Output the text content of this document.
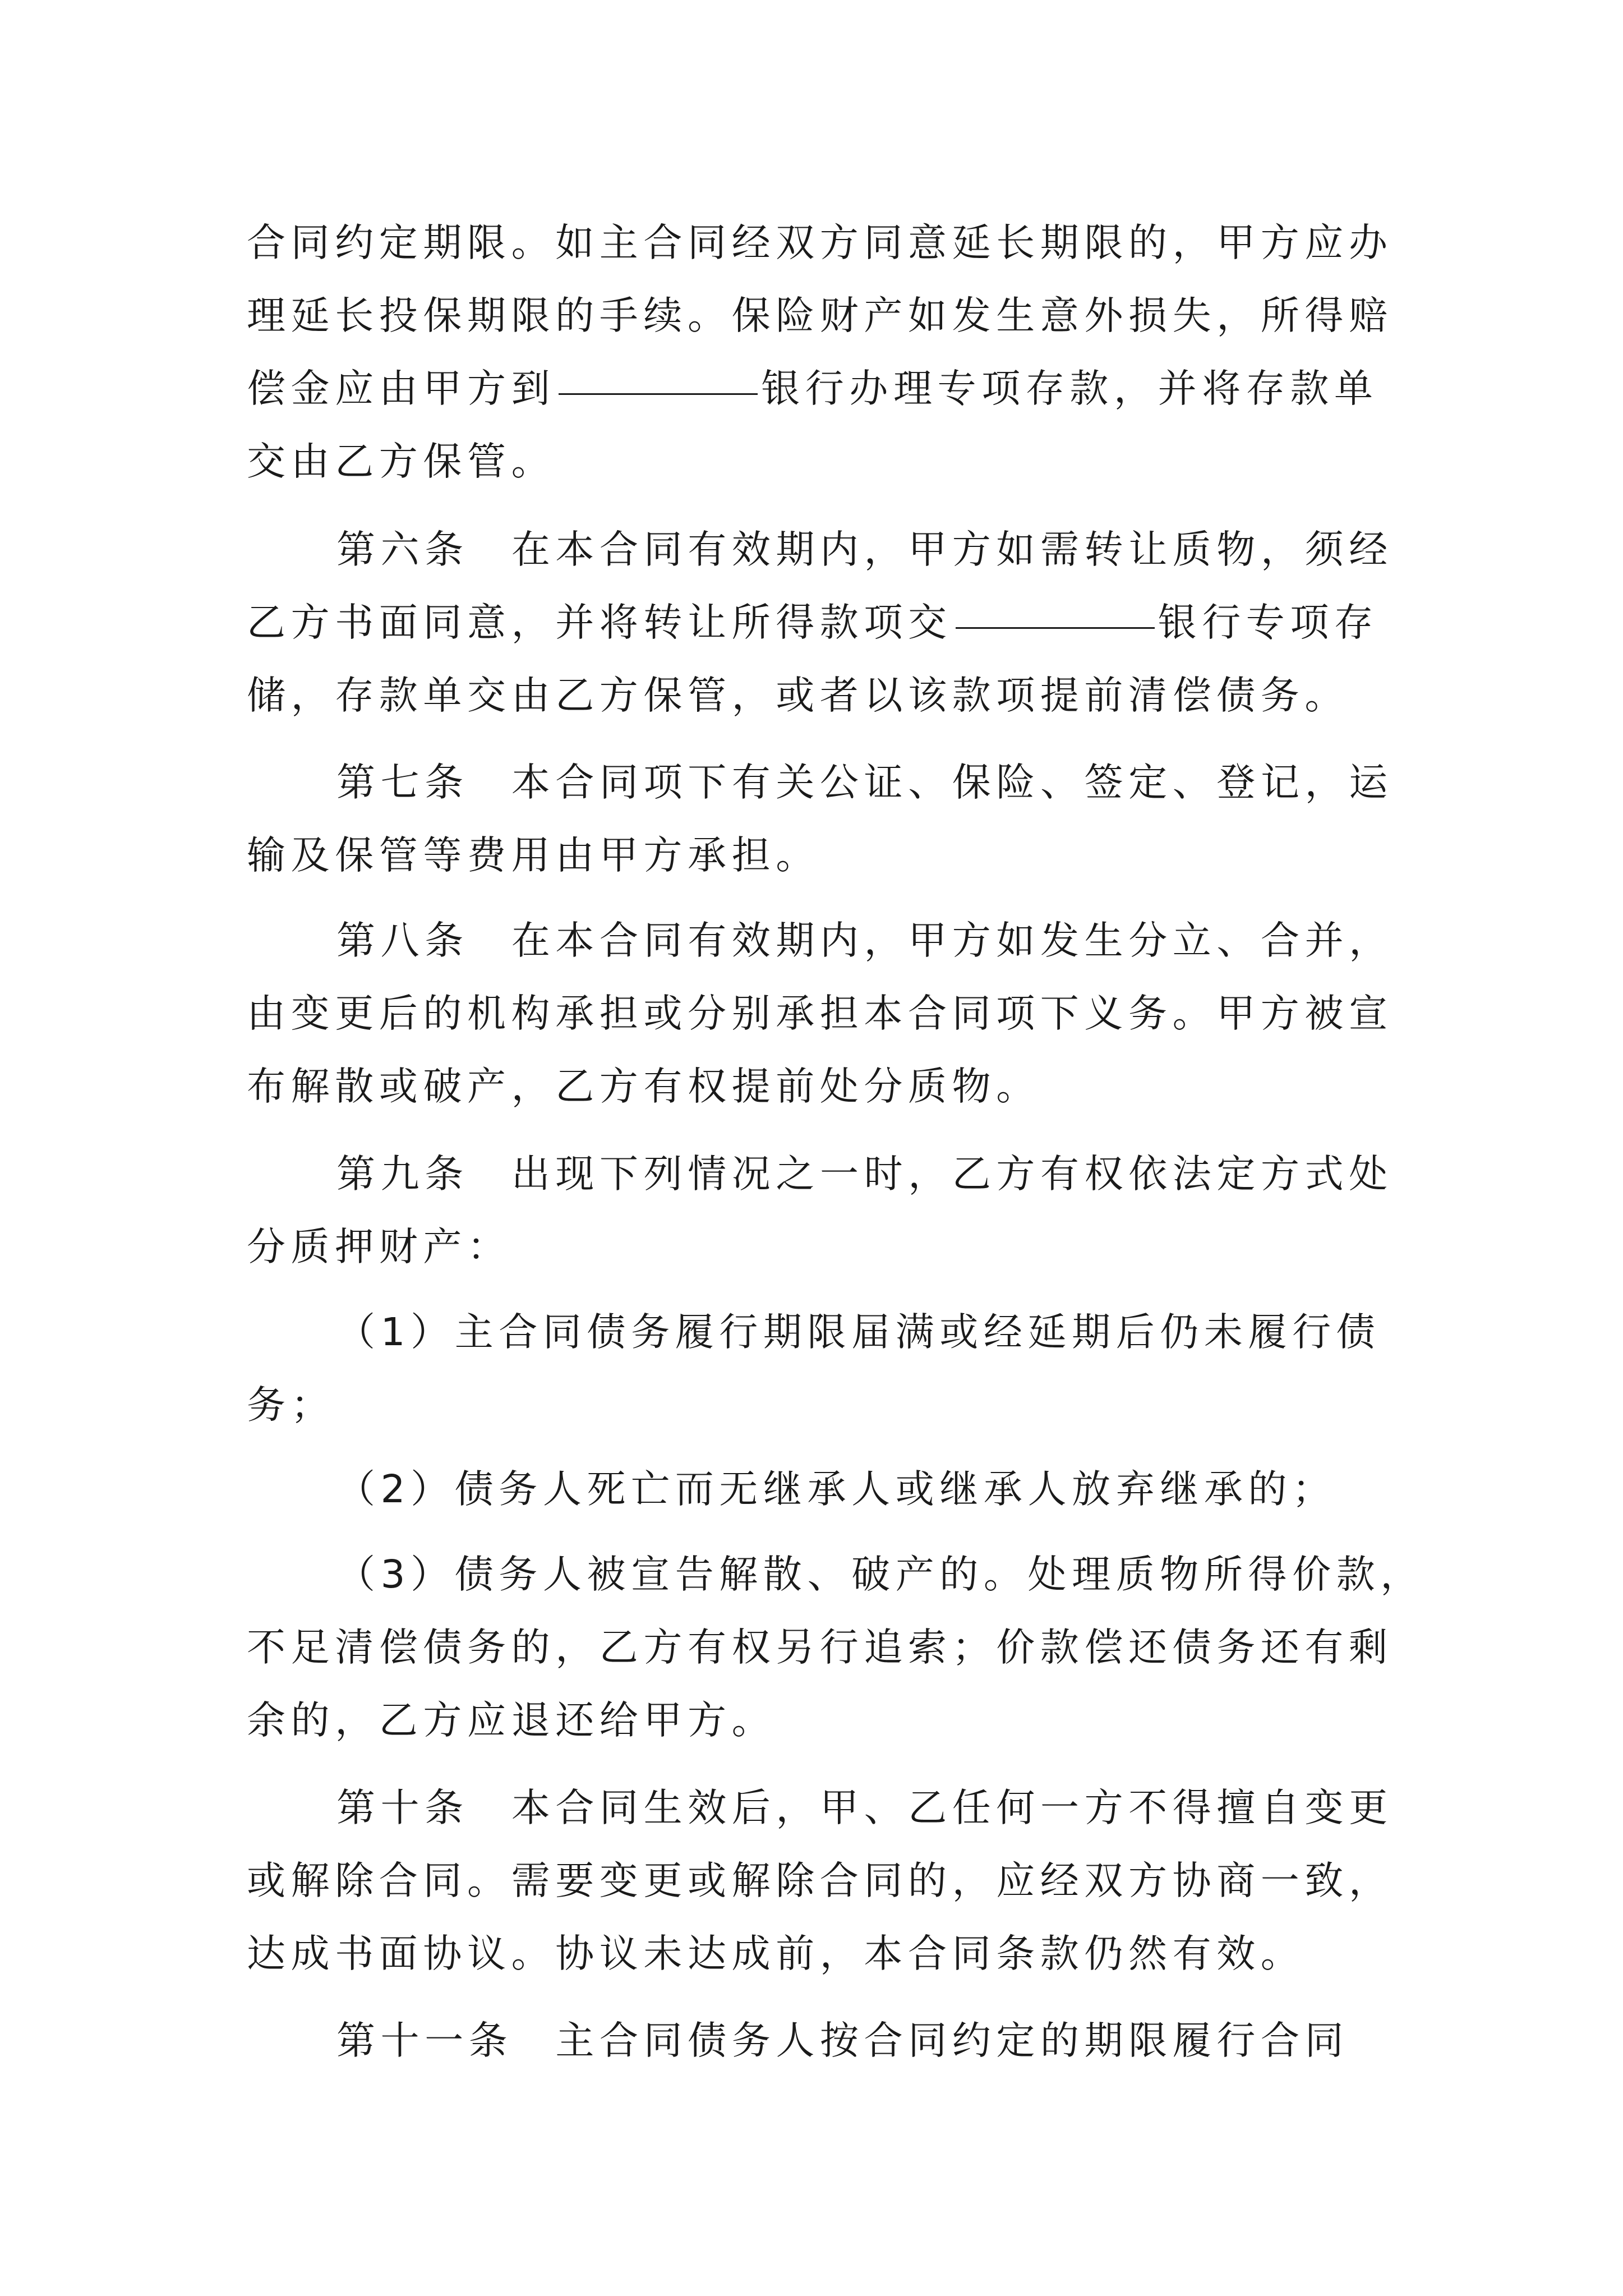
合同约定期限。如主合同经双方同意延长期限的，甲方应办
理延长投保期限的手续。保险财产如发生意外损失，所得赔
偿金应由甲方到	银行办理专项存款，并将存款单
交由乙方保管。
第六条 在本合同有效期内，甲方如需转让质物，须经
乙方书面同意，并将转让所得款项交	银行专项存
储，存款单交由乙方保管，或者以该款项提前清偿债务。
第七条 本合同项下有关公证、保险、签定、登记，运
输及保管等费用由甲方承担。
第八条 在本合同有效期内，甲方如发生分立、合并，
由变更后的机构承担或分别承担本合同项下义务。甲方被宣
布解散或破产，乙方有权提前处分质物。
第九条 出现下列情况之一时，乙方有权依法定方式处
分质押财产：
（1）主合同债务履行期限届满或经延期后仍未履行债
务；
（2）债务人死亡而无继承人或继承人放弃继承的；
（3）债务人被宣告解散、破产的。处理质物所得价款，
不足清偿债务的，乙方有权另行追索；价款偿还债务还有剩
余的，乙方应退还给甲方。
第十条 本合同生效后，甲、乙任何一方不得擅自变更
或解除合同。需要变更或解除合同的，应经双方协商一致，
达成书面协议。协议未达成前，本合同条款仍然有效。
第十一条 主合同债务人按合同约定的期限履行合同
